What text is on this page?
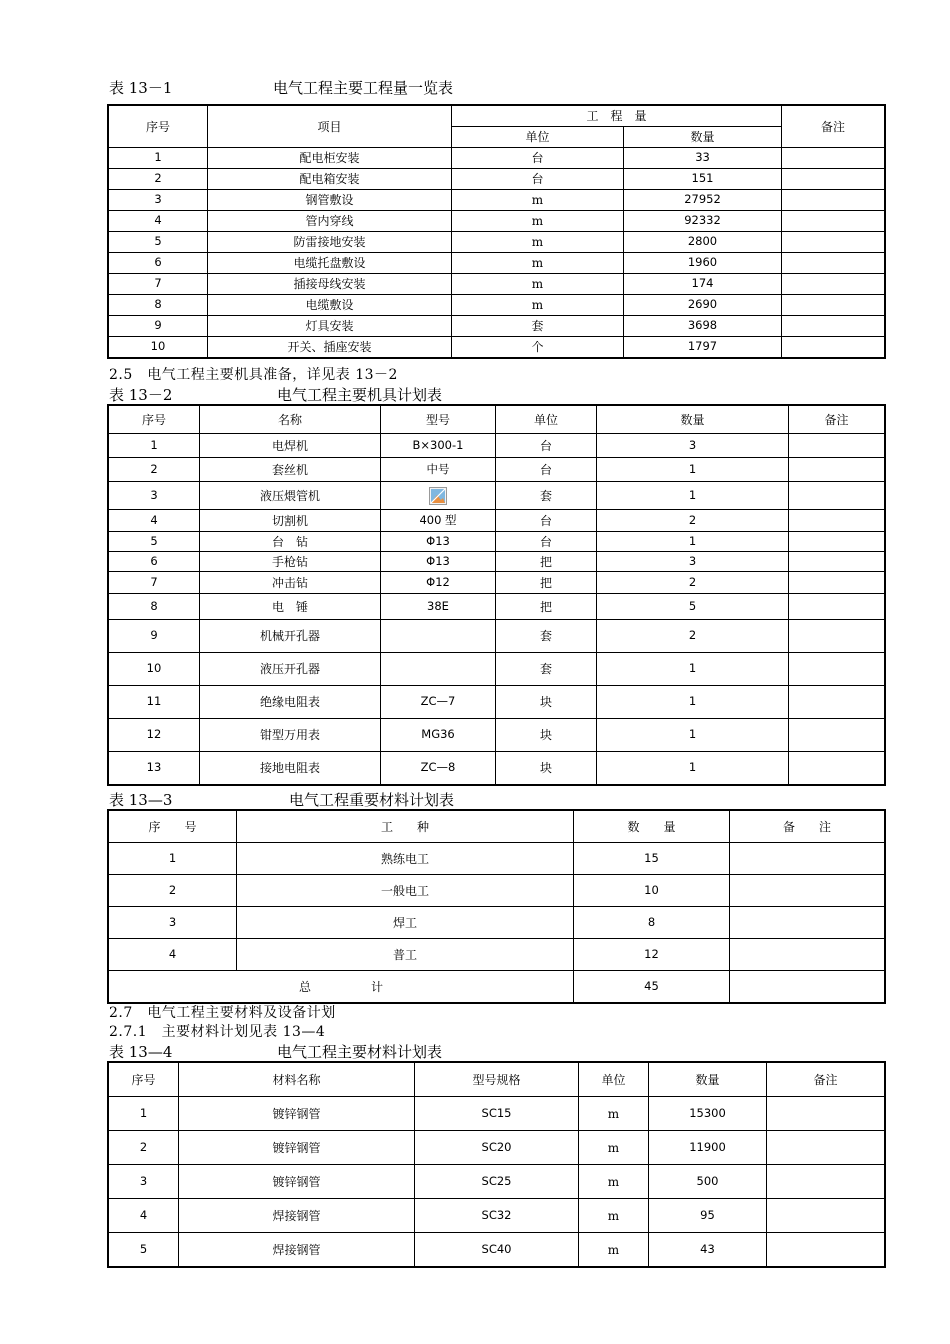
表 13－1	电气工程主要工程量一览表
序号	项目	工　程　量		备注
		单位	数量	
1	配电柜安装	台	33	
2	配电箱安装	台	151	
3	钢管敷设	m	27952	
4	管内穿线	m	92332	
5	防雷接地安装	m	2800	
6	电缆托盘敷设	m	1960	
7	插接母线安装	m	174	
8	电缆敷设	m	2690	
9	灯具安装	套	3698	
10	开关、插座安装	个	1797	
2.5　电气工程主要机具准备，详见表 13－2
表 13－2	电气工程主要机具计划表
序号	名称	型号	单位	数量	备注
1	电焊机	B×300-1	台	3	
2	套丝机	中号	台	1	
3	液压煨管机		套	1	
4	切割机	400 型	台	2	
5	台　钻	Φ13	台	1	
6	手枪钻	Φ13	把	3	
7	冲击钻	Φ12	把	2	
8	电　锤	38E	把	5	
9	机械开孔器		套	2	
10	液压开孔器		套	1	
11	绝缘电阻表	ZC—7	块	1	
12	钳型万用表	MG36	块	1	
13	接地电阻表	ZC—8	块	1	
表 13—3	电气工程重要材料计划表
序　　号	工　　种	数　　量	备　　注
1	熟练电工	15	
2	一般电工	10	
3	焊工	8	
4	普工	12	
总　　　　　计		45	
2.7　电气工程主要材料及设备计划
2.7.1　主要材料计划见表 13—4
表 13—4	电气工程主要材料计划表
序号	材料名称	型号规格	单位	数量	备注
1	镀锌钢管	SC15	m	15300	
2	镀锌钢管	SC20	m	11900	
3	镀锌钢管	SC25	m	500	
4	焊接钢管	SC32	m	95	
5	焊接钢管	SC40	m	43	
